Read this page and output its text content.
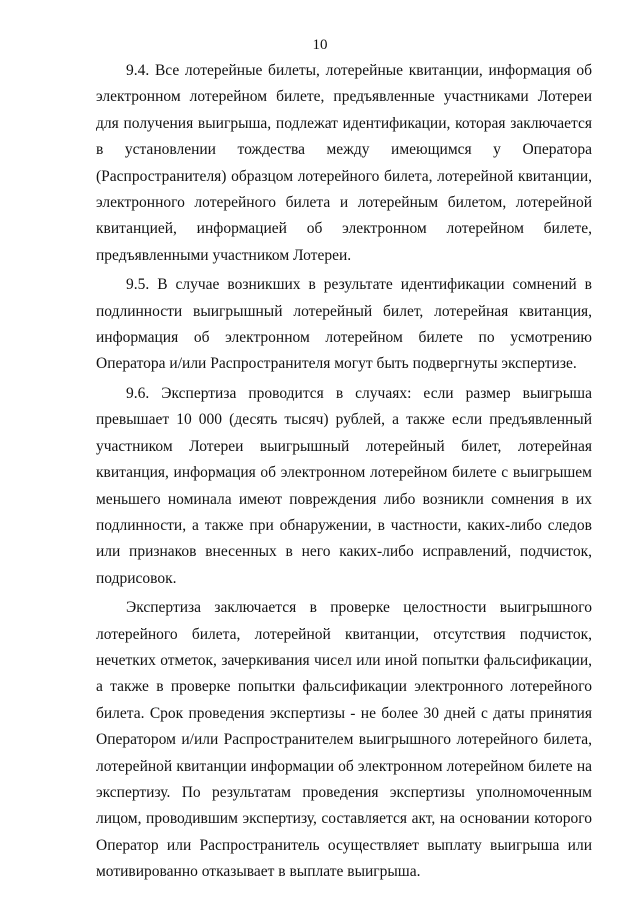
10

9.4. Все лотерейные билеты, лотерейные квитанции, информация об электронном лотерейном билете, предъявленные участниками Лотереи для получения выигрыша, подлежат идентификации, которая заключается в установлении тождества между имеющимся у Оператора (Распространителя) образцом лотерейного билета, лотерейной квитанции, электронного лотерейного билета и лотерейным билетом, лотерейной квитанцией, информацией об электронном лотерейном билете, предъявленными участником Лотереи.

9.5. В случае возникших в результате идентификации сомнений в подлинности выигрышный лотерейный билет, лотерейная квитанция, информация об электронном лотерейном билете по усмотрению Оператора и/или Распространителя могут быть подвергнуты экспертизе.

9.6. Экспертиза проводится в случаях: если размер выигрыша превышает 10 000 (десять тысяч) рублей, а также если предъявленный участником Лотереи выигрышный лотерейный билет, лотерейная квитанция, информация об электронном лотерейном билете с выигрышем меньшего номинала имеют повреждения либо возникли сомнения в их подлинности, а также при обнаружении, в частности, каких-либо следов или признаков внесенных в него каких-либо исправлений, подчисток, подрисовок.

Экспертиза заключается в проверке целостности выигрышного лотерейного билета, лотерейной квитанции, отсутствия подчисток, нечетких отметок, зачеркивания чисел или иной попытки фальсификации, а также в проверке попытки фальсификации электронного лотерейного билета. Срок проведения экспертизы - не более 30 дней с даты принятия Оператором и/или Распространителем выигрышного лотерейного билета, лотерейной квитанции информации об электронном лотерейном билете на экспертизу. По результатам проведения экспертизы уполномоченным лицом, проводившим экспертизу, составляется акт, на основании которого Оператор или Распространитель осуществляет выплату выигрыша или мотивированно отказывает в выплате выигрыша.
